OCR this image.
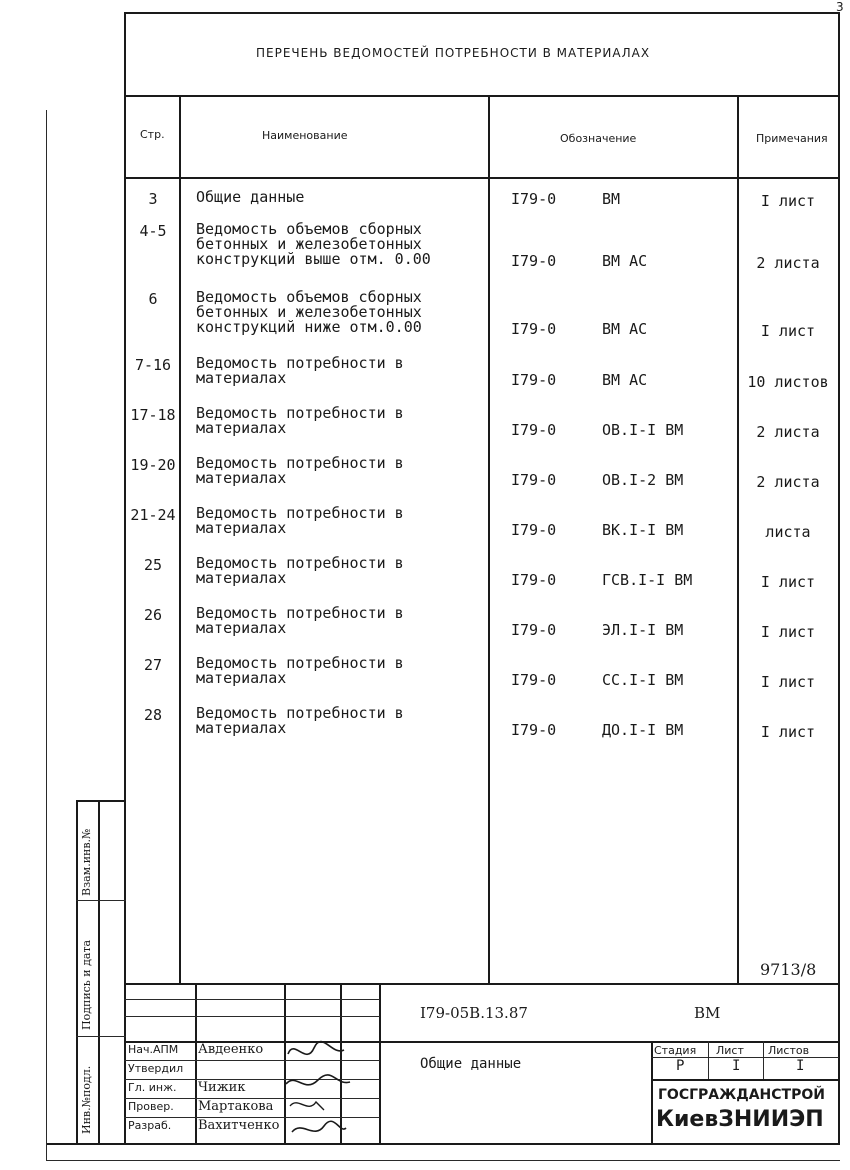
3
ПЕРЕЧЕНЬ ВЕДОМОСТЕЙ ПОТРЕБНОСТИ В МАТЕРИАЛАХ
Стр.	Наименование	Обозначение	Примечания
3	Общие данные	I79-0	ВМ	I лист
4-5	Ведомость объемов сборных
бетонных и железобетонных
конструкций выше отм. 0.00	I79-0	ВМ АС	2 листа
6	Ведомость объемов сборных
бетонных и железобетонных
конструкций ниже отм.0.00	I79-0	ВМ АС	I лист
7-16	Ведомость потребности в
материалах	I79-0	ВМ АС	10 листов
17-18 Ведомость потребности в
материалах	I79-0	ОВ.I-I ВМ	2 листа
19-20 Ведомость потребности в
материалах	I79-0	ОВ.I-2 ВМ	2 листа
21-24 Ведомость потребности в
материалах	I79-0	ВК.I-I ВМ	листа
25	Ведомость потребности в
материалах	I79-0	ГСВ.I-I ВМ	I лист
26	Ведомость потребности в
материалах	I79-0	ЭЛ.I-I ВМ	I лист
27	Ведомость потребности в
материалах	I79-0	СС.I-I ВМ	I лист
28	Ведомость потребности в
материалах	I79-0	ДО.I-I ВМ	I лист
9713/8
I79-05В.13.87	ВМ
Общие данные
Стадия Лист Листов
Р	I	I
ГОСГРАЖДАНСТРОЙ
КиевЗНИИЭП
Нач.АПМ Авдеенко
Утвердил
Гл. инж. Чижик
Провер. Мартакова
Разраб. Вахитченко
Взам.инв.№
Подпись и дата
Инв.№подл.
